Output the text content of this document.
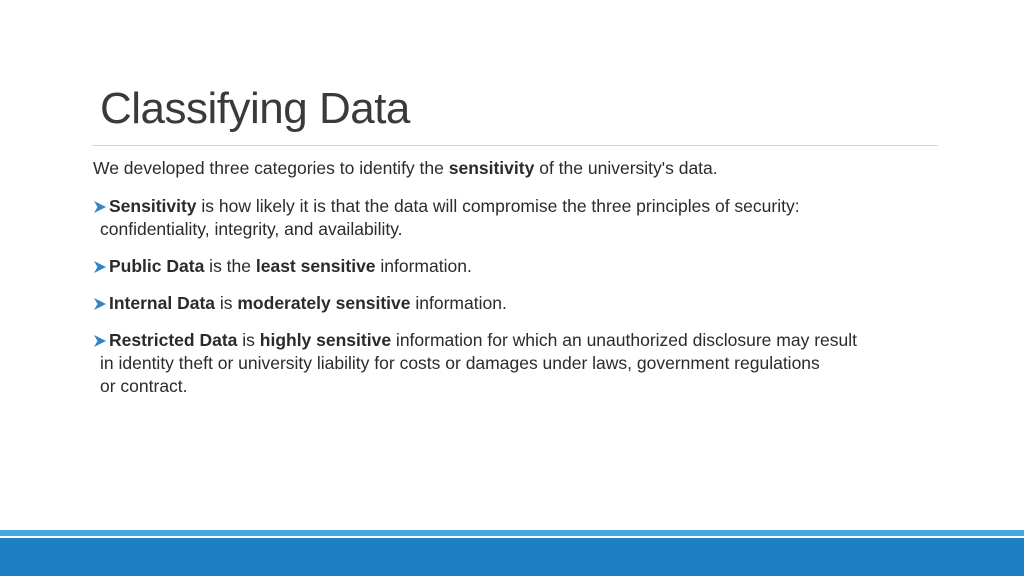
Classifying Data
We developed three categories to identify the sensitivity of the university's data.
Sensitivity is how likely it is that the data will compromise the three principles of security:
confidentiality, integrity, and availability.
Public Data is the least sensitive information.
Internal Data is moderately sensitive information.
Restricted Data is highly sensitive information for which an unauthorized disclosure may result
in identity theft or university liability for costs or damages under laws, government regulations
or contract.
